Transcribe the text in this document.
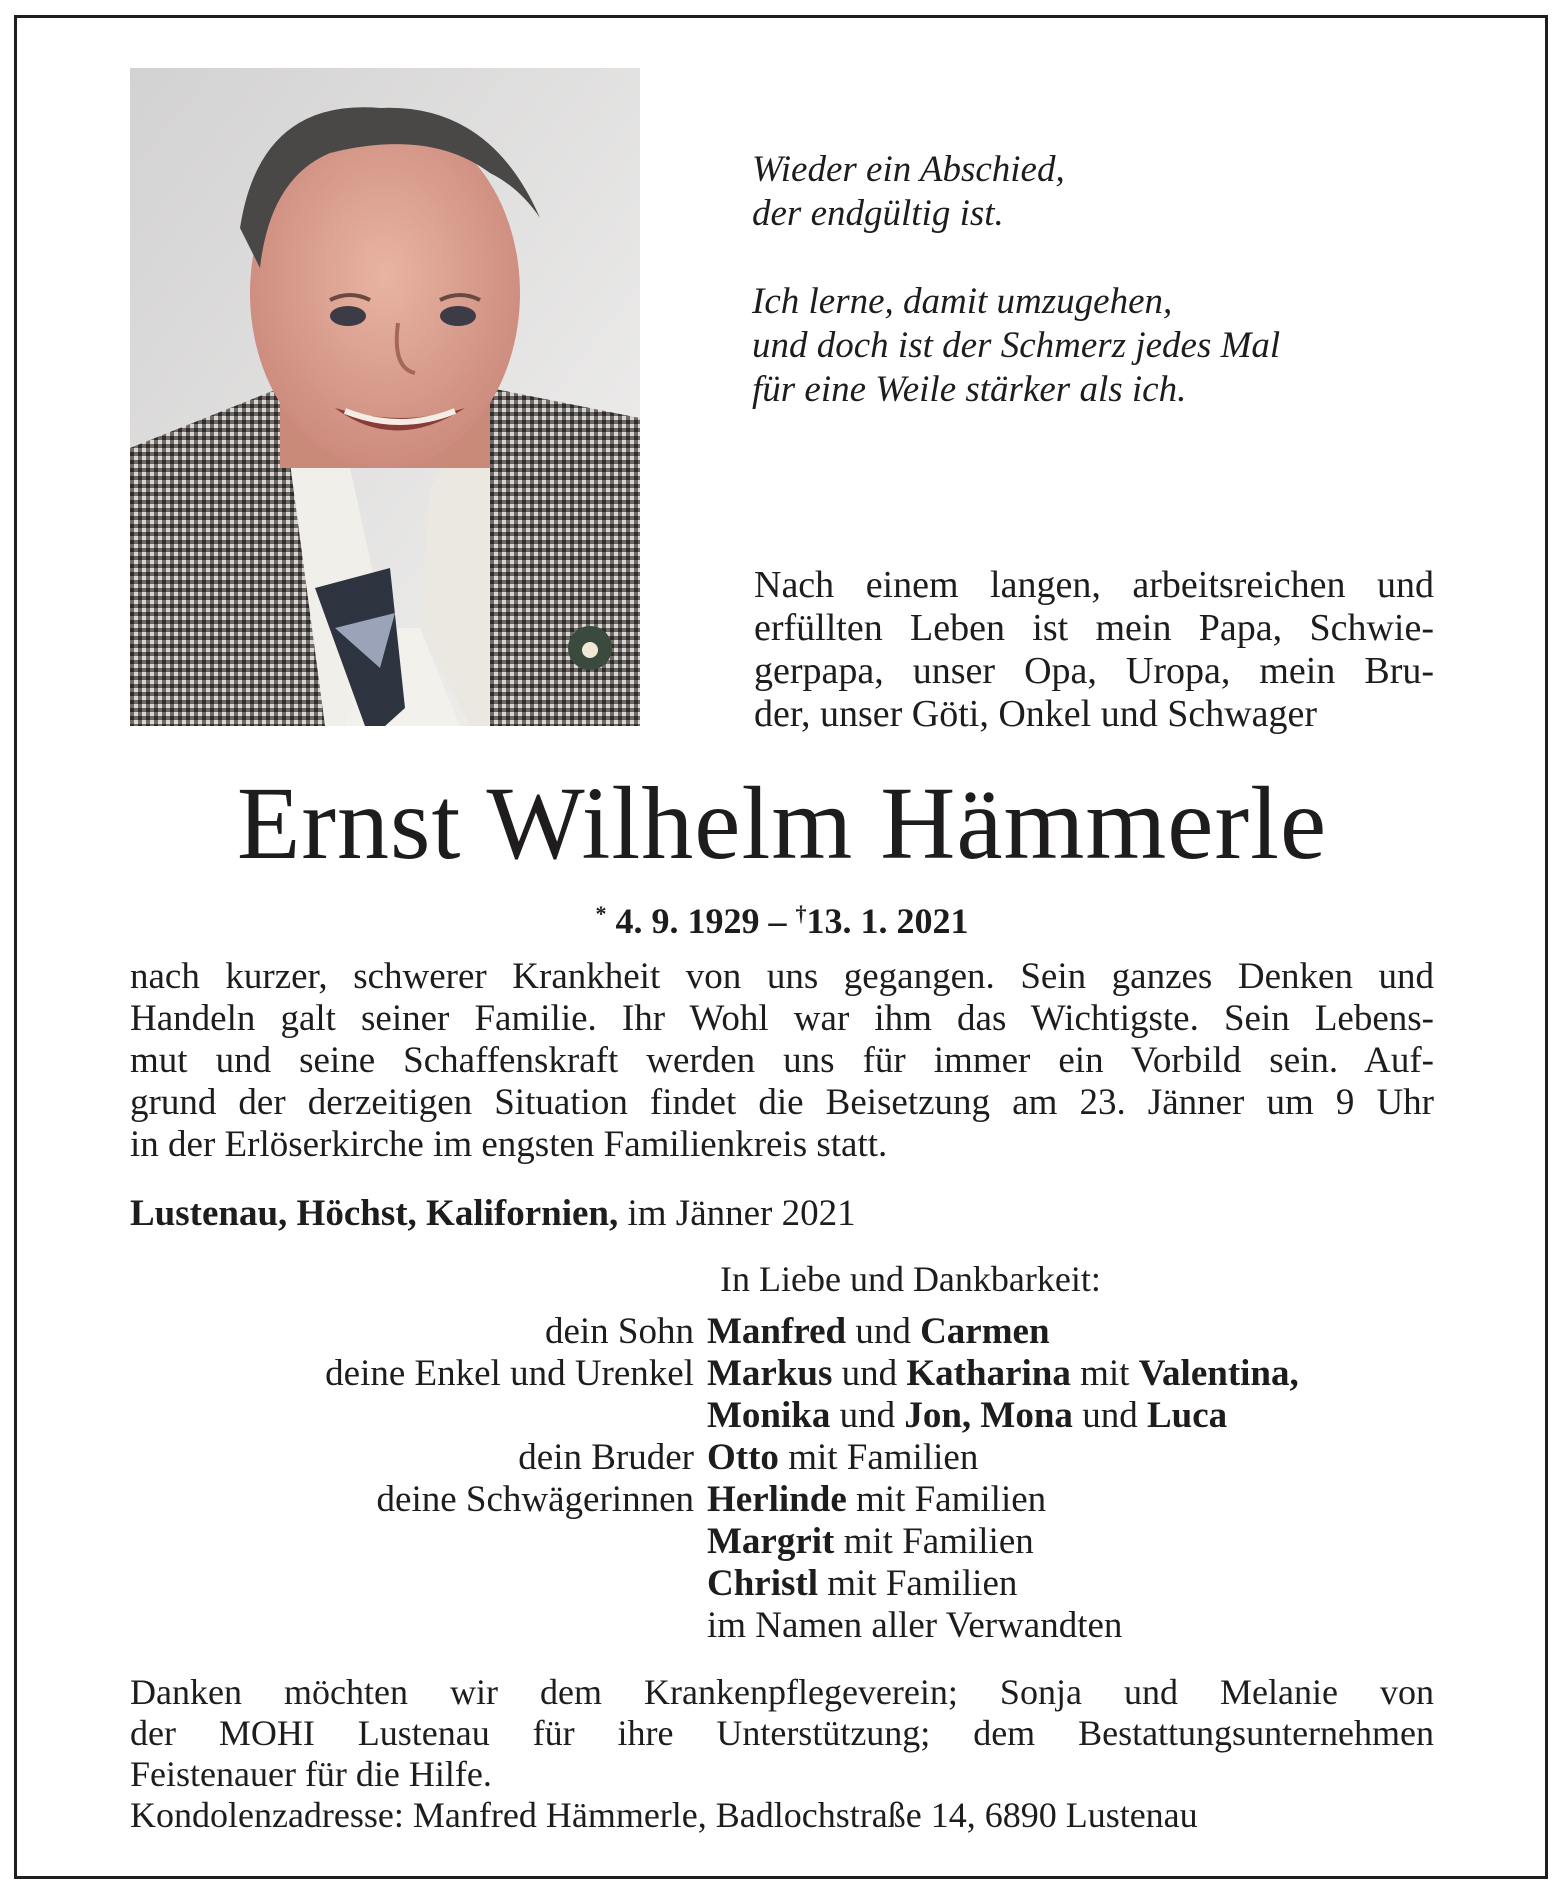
Wieder ein Abschied,
der endgültig ist.
Ich lerne, damit umzugehen,
und doch ist der Schmerz jedes Mal
für eine Weile stärker als ich.
Nach einem langen, arbeitsreichen und
erfüllten Leben ist mein Papa, Schwie-
gerpapa, unser Opa, Uropa, mein Bru-
der, unser Göti, Onkel und Schwager
Ernst Wilhelm Hämmerle
* 4. 9. 1929 – †13. 1. 2021
nach kurzer, schwerer Krankheit von uns gegangen. Sein ganzes Denken und
Handeln galt seiner Familie. Ihr Wohl war ihm das Wichtigste. Sein Lebens-
mut und seine Schaffenskraft werden uns für immer ein Vorbild sein. Auf-
grund der derzeitigen Situation findet die Beisetzung am 23. Jänner um 9 Uhr
in der Erlöserkirche im engsten Familienkreis statt.
Lustenau, Höchst, Kalifornien, im Jänner 2021
In Liebe und Dankbarkeit:
dein Sohn Manfred und Carmen
deine Enkel und Urenkel Markus und Katharina mit Valentina,
Monika und Jon, Mona und Luca
dein Bruder Otto mit Familien
deine Schwägerinnen Herlinde mit Familien
Margrit mit Familien
Christl mit Familien
im Namen aller Verwandten
Danken möchten wir dem Krankenpflegeverein; Sonja und Melanie von
der MOHI Lustenau für ihre Unterstützung; dem Bestattungsunternehmen
Feistenauer für die Hilfe.
Kondolenzadresse: Manfred Hämmerle, Badlochstraße 14, 6890 Lustenau
